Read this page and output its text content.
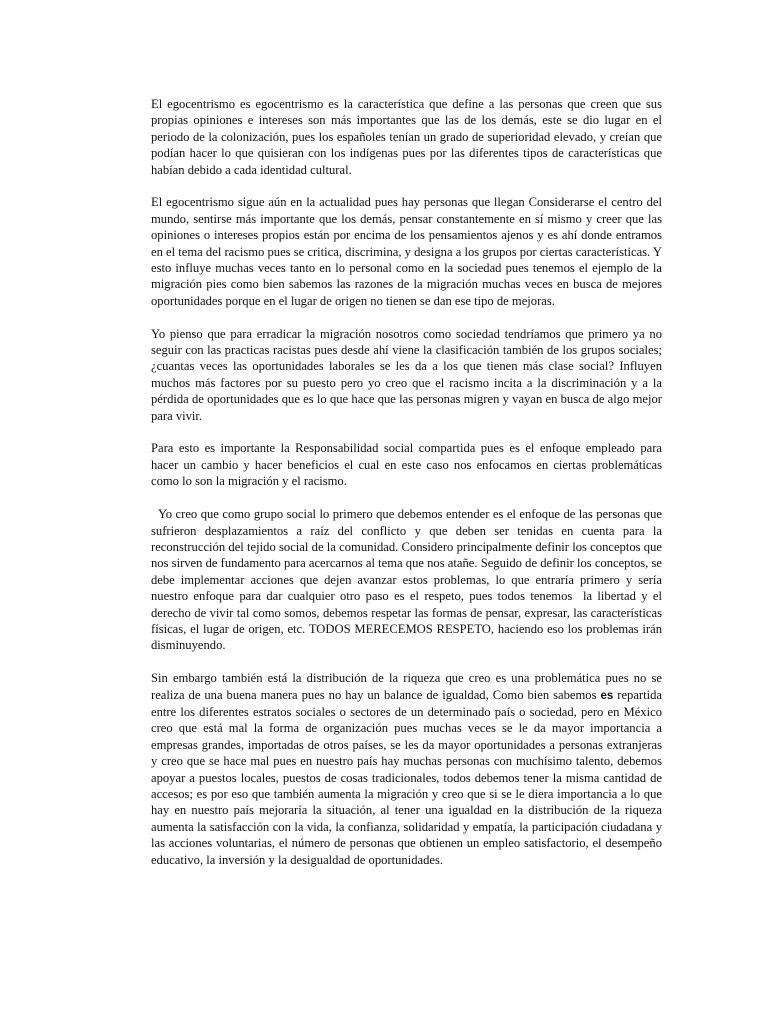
El egocentrismo es egocentrismo es la característica que define a las personas que creen que sus propias opiniones e intereses son más importantes que las de los demás, este se dio lugar en el periodo de la colonización, pues los españoles tenían un grado de superioridad elevado, y creían que podían hacer lo que quisieran con los indígenas pues por las diferentes tipos de características que habían debido a cada identidad cultural.

El egocentrismo sigue aún en la actualidad pues hay personas que llegan Considerarse el centro del mundo, sentirse más importante que los demás, pensar constantemente en sí mismo y creer que las opiniones o intereses propios están por encima de los pensamientos ajenos y es ahí donde entramos en el tema del racismo pues se critica, discrimina, y designa a los grupos por ciertas características. Y esto influye muchas veces tanto en lo personal como en la sociedad pues tenemos el ejemplo de la migración pies como bien sabemos las razones de la migración muchas veces en busca de mejores oportunidades porque en el lugar de origen no tienen se dan ese tipo de mejoras.

Yo pienso que para erradicar la migración nosotros como sociedad tendríamos que primero ya no seguir con las practicas racistas pues desde ahí viene la clasificación también de los grupos sociales; ¿cuantas veces las oportunidades laborales se les da a los que tienen más clase social? Influyen muchos más factores por su puesto pero yo creo que el racismo incita a la discriminación y a la pérdida de oportunidades que es lo que hace que las personas migren y vayan en busca de algo mejor para vivir.

Para esto es importante la Responsabilidad social compartida pues es el enfoque empleado para hacer un cambio y hacer beneficios el cual en este caso nos enfocamos en ciertas problemáticas como lo son la migración y el racismo.

Yo creo que como grupo social lo primero que debemos entender es el enfoque de las personas que sufrieron desplazamientos a raíz del conflicto y que deben ser tenidas en cuenta para la reconstrucción del tejido social de la comunidad. Considero principalmente definir los conceptos que nos sirven de fundamento para acercarnos al tema que nos atañe. Seguido de definir los conceptos, se debe implementar acciones que dejen avanzar estos problemas, lo que entraría primero y sería nuestro enfoque para dar cualquier otro paso es el respeto, pues todos tenemos  la libertad y el derecho de vivir tal como somos, debemos respetar las formas de pensar, expresar, las características físicas, el lugar de origen, etc. TODOS MERECEMOS RESPETO, haciendo eso los problemas irán disminuyendo.

Sin embargo también está la distribución de la riqueza que creo es una problemática pues no se realiza de una buena manera pues no hay un balance de igualdad, Como bien sabemos es repartida entre los diferentes estratos sociales o sectores de un determinado país o sociedad, pero en México creo que está mal la forma de organización pues muchas veces se le da mayor importancia a empresas grandes, importadas de otros países, se les da mayor oportunidades a personas extranjeras y creo que se hace mal pues en nuestro país hay muchas personas con muchísimo talento, debemos apoyar a puestos locales, puestos de cosas tradicionales, todos debemos tener la misma cantidad de accesos; es por eso que también aumenta la migración y creo que si se le diera importancia a lo que hay en nuestro país mejoraría la situación, al tener una igualdad en la distribución de la riqueza aumenta la satisfacción con la vida, la confianza, solidaridad y empatía, la participación ciudadana y las acciones voluntarias, el número de personas que obtienen un empleo satisfactorio, el desempeño educativo, la inversión y la desigualdad de oportunidades.
